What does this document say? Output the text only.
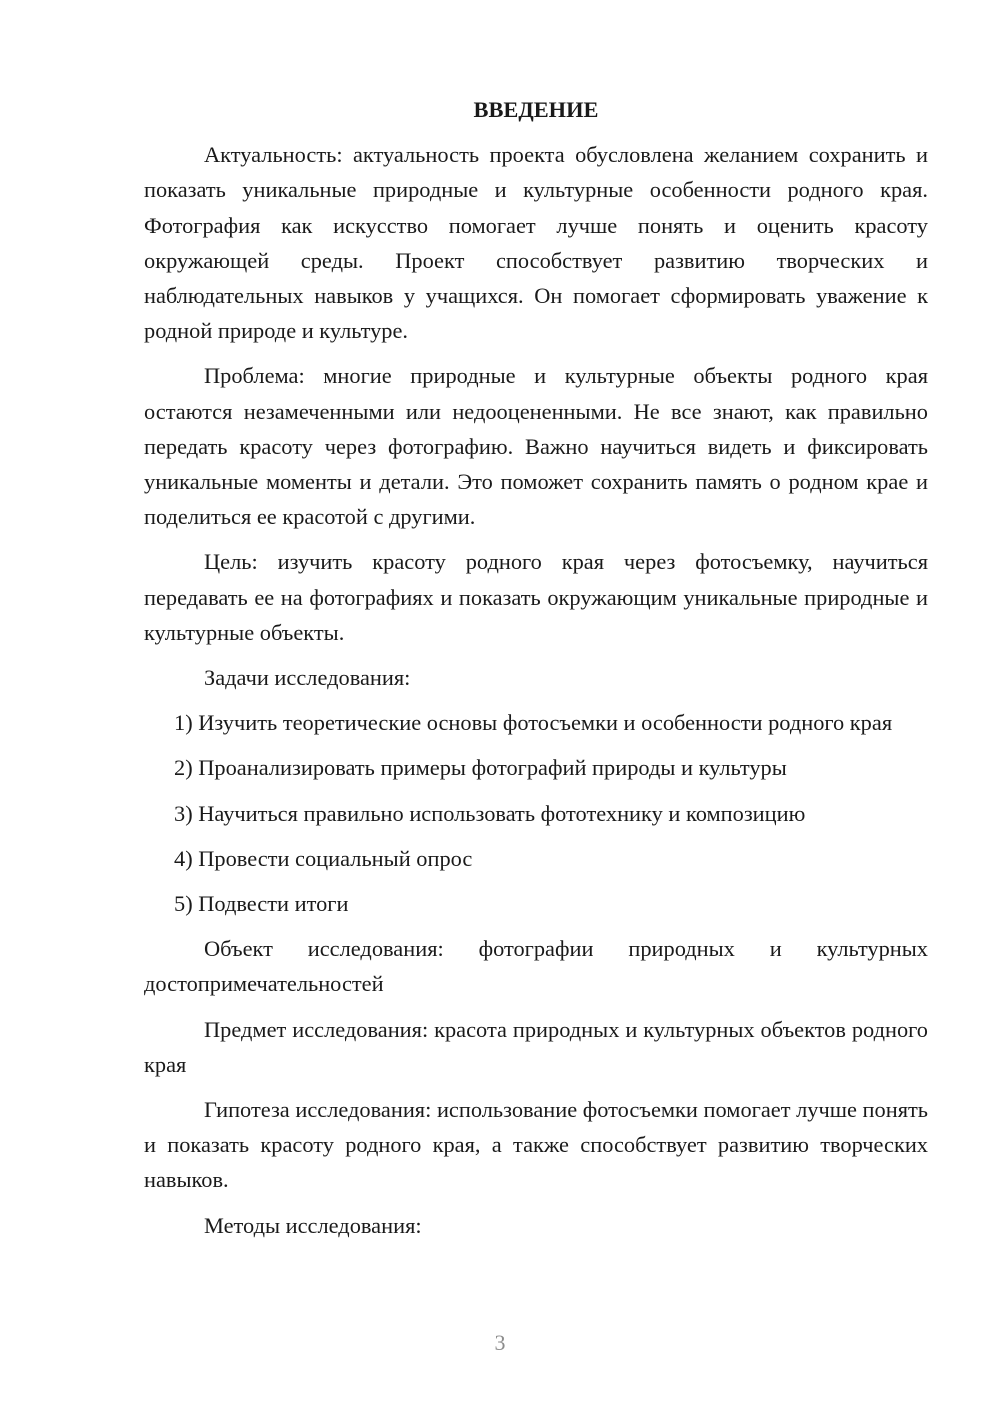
ВВЕДЕНИЕ

Актуальность: актуальность проекта обусловлена желанием сохранить и показать уникальные природные и культурные особенности родного края. Фотография как искусство помогает лучше понять и оценить красоту окружающей среды. Проект способствует развитию творческих и наблюдательных навыков у учащихся. Он помогает сформировать уважение к родной природе и культуре.

Проблема: многие природные и культурные объекты родного края остаются незамеченными или недооцененными. Не все знают, как правильно передать красоту через фотографию. Важно научиться видеть и фиксировать уникальные моменты и детали. Это поможет сохранить память о родном крае и поделиться ее красотой с другими.

Цель: изучить красоту родного края через фотосъемку, научиться передавать ее на фотографиях и показать окружающим уникальные природные и культурные объекты.

Задачи исследования:

1) Изучить теоретические основы фотосъемки и особенности родного края

2) Проанализировать примеры фотографий природы и культуры

3) Научиться правильно использовать фототехнику и композицию

4) Провести социальный опрос

5) Подвести итоги

Объект исследования: фотографии природных и культурных достопримечательностей

Предмет исследования: красота природных и культурных объектов родного края

Гипотеза исследования: использование фотосъемки помогает лучше понять и показать красоту родного края, а также способствует развитию творческих навыков.

Методы исследования:

3
